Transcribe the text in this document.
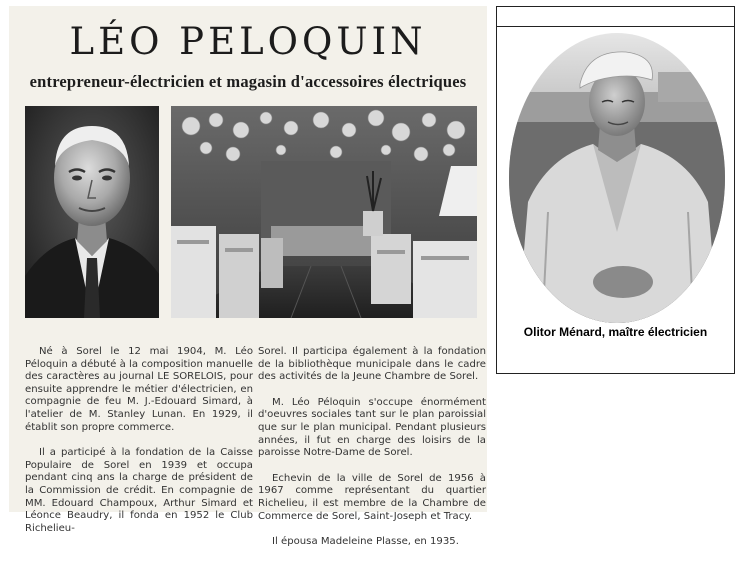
LÉO PELOQUIN
entrepreneur-électricien et magasin d'accessoires électriques

Né à Sorel le 12 mai 1904, M. Léo Péloquin a débuté à la composition manuelle des caractères au journal LE SORELOIS, pour ensuite apprendre le métier d'électricien, en compagnie de feu M. J.-Edouard Simard, à l'atelier de M. Stanley Lunan. En 1929, il établit son propre commerce.

Il a participé à la fondation de la Caisse Populaire de Sorel en 1939 et occupa pendant cinq ans la charge de président de la Commission de crédit. En compagnie de MM. Edouard Champoux, Arthur Simard et Léonce Beaudry, il fonda en 1952 le Club Richelieu-

Sorel. Il participa également à la fondation de la bibliothèque municipale dans le cadre des activités de la Jeune Chambre de Sorel.

M. Léo Péloquin s'occupe énormément d'oeuvres sociales tant sur le plan paroissial que sur le plan municipal. Pendant plusieurs années, il fut en charge des loisirs de la paroisse Notre-Dame de Sorel.

Echevin de la ville de Sorel de 1956 à 1967 comme représentant du quartier Richelieu, il est membre de la Chambre de Commerce de Sorel, Saint-Joseph et Tracy.

Il épousa Madeleine Plasse, en 1935.

Olitor Ménard, maître électricien
